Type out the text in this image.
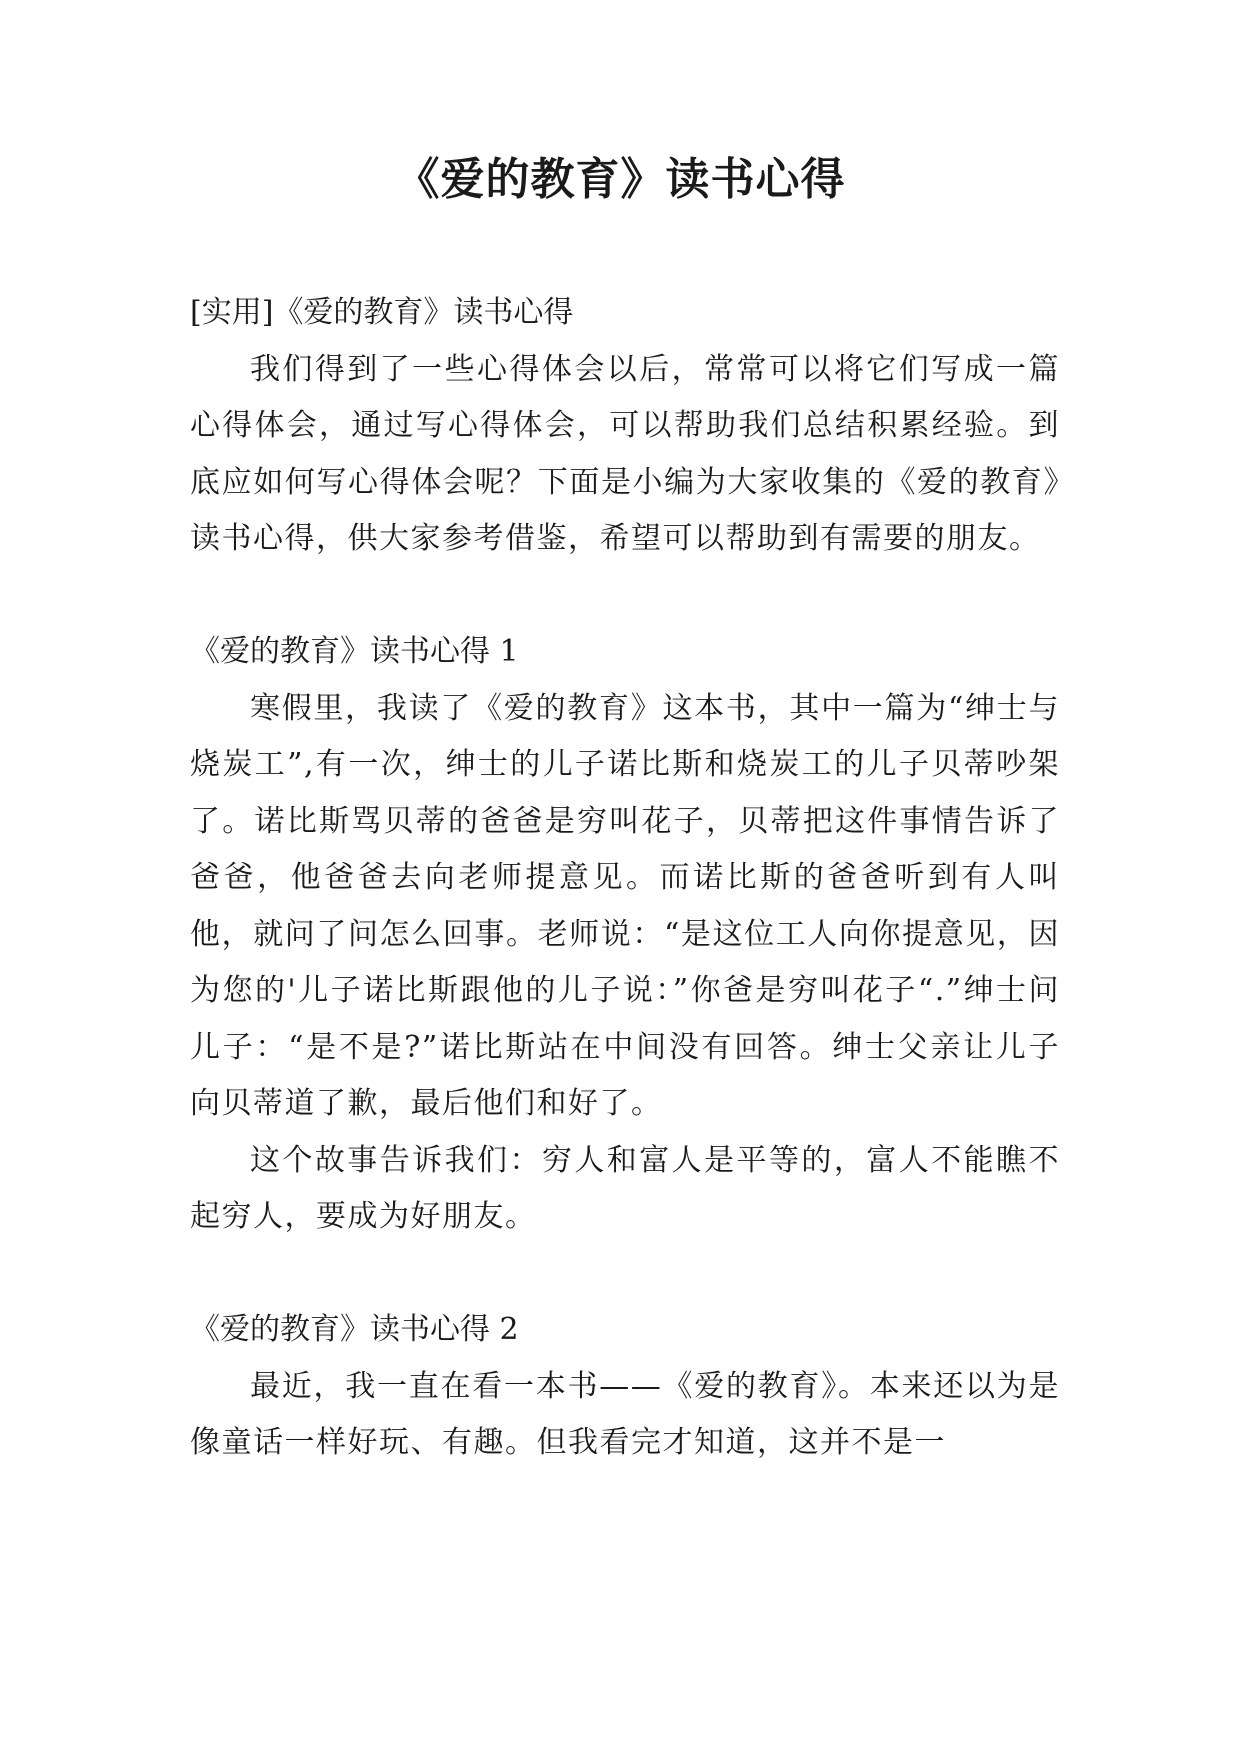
《爱的教育》读书心得

[实用]《爱的教育》读书心得

我们得到了一些心得体会以后，常常可以将它们写成一篇心得体会，通过写心得体会，可以帮助我们总结积累经验。到底应如何写心得体会呢？下面是小编为大家收集的《爱的教育》读书心得，供大家参考借鉴，希望可以帮助到有需要的朋友。

《爱的教育》读书心得 1

寒假里，我读了《爱的教育》这本书，其中一篇为“绅士与烧炭工”,有一次，绅士的儿子诺比斯和烧炭工的儿子贝蒂吵架了。诺比斯骂贝蒂的爸爸是穷叫花子，贝蒂把这件事情告诉了爸爸，他爸爸去向老师提意见。而诺比斯的爸爸听到有人叫他，就问了问怎么回事。老师说：“是这位工人向你提意见，因为您的'儿子诺比斯跟他的儿子说：”你爸是穷叫花子“.”绅士问儿子：“是不是?”诺比斯站在中间没有回答。绅士父亲让儿子向贝蒂道了歉，最后他们和好了。

这个故事告诉我们：穷人和富人是平等的，富人不能瞧不起穷人，要成为好朋友。

《爱的教育》读书心得 2

最近，我一直在看一本书——《爱的教育》。本来还以为是像童话一样好玩、有趣。但我看完才知道，这并不是一
